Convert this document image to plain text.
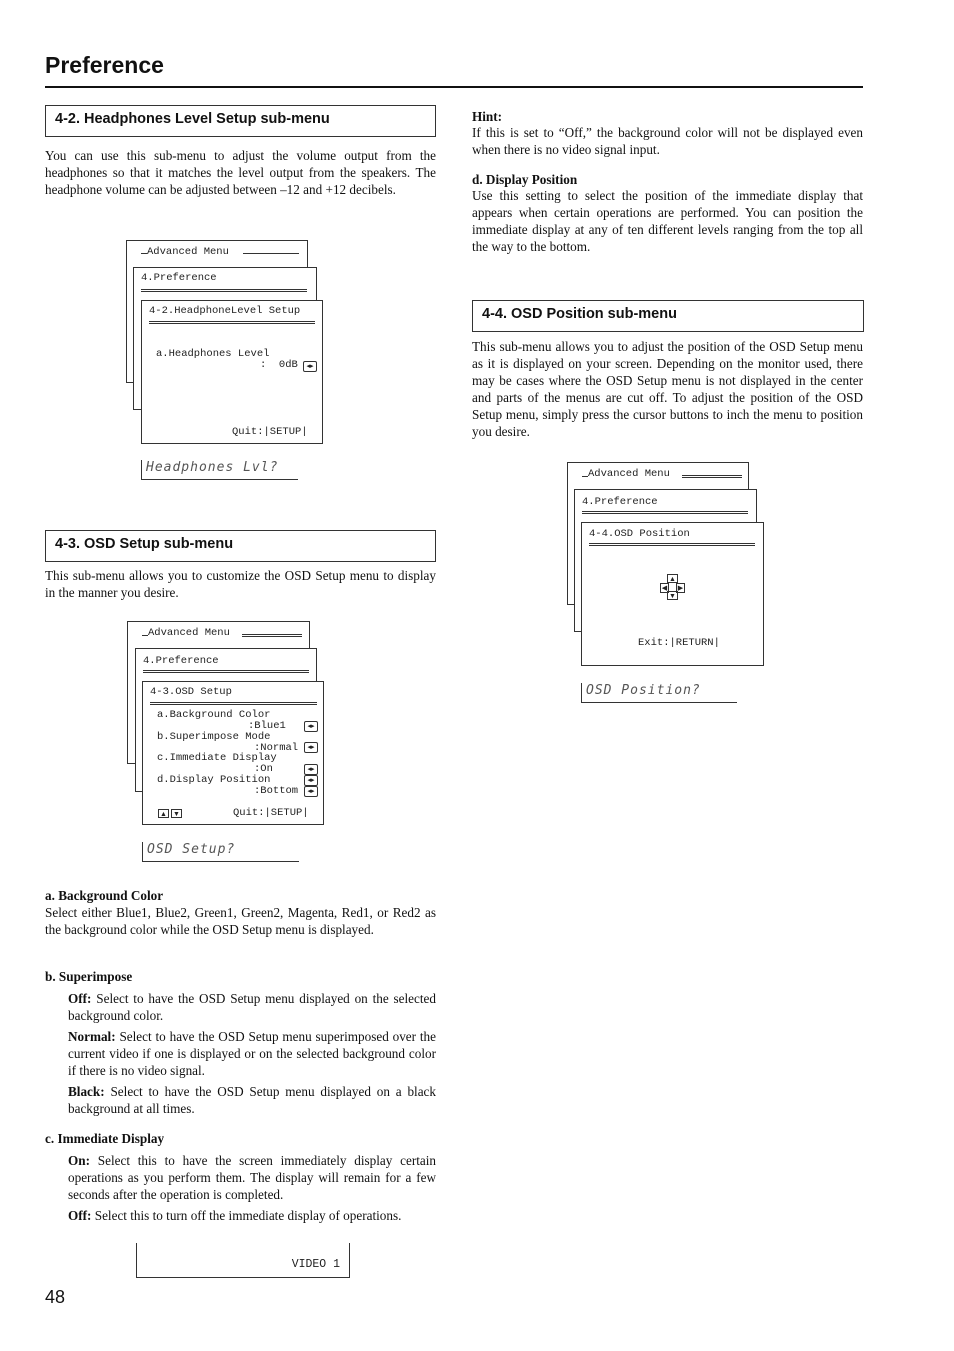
Preference
4-2. Headphones Level Setup sub-menu
You can use this sub-menu to adjust the volume output from the headphones so that it matches the level output from the speakers. The headphone volume can be adjusted between –12 and +12 decibels.
Advanced Menu
4.Preference
4-2.HeadphoneLevel Setup
a.Headphones Level
:  0dB	◂▸
Quit:|SETUP|
Headphones Lvl?
4-3. OSD Setup sub-menu
This sub-menu allows you to customize the OSD Setup menu to display in the manner you desire.
Advanced Menu
4.Preference
4-3.OSD Setup
a.Background Color
:Blue1	◂▸
b.Superimpose Mode
:Normal	◂▸
c.Immediate Display
:On	◂▸
d.Display Position	◂▸
:Bottom	◂▸
▲ ▼	Quit:|SETUP|
OSD Setup?
a. Background Color
Select either Blue1, Blue2, Green1, Green2, Magenta, Red1, or Red2 as the background color while the OSD Setup menu is displayed.
b. Superimpose
Off: Select to have the OSD Setup menu displayed on the selected background color.
Normal: Select to have the OSD Setup menu superimposed over the current video if one is displayed or on the selected background color if there is no video signal.
Black: Select to have the OSD Setup menu displayed on a black background at all times.
c. Immediate Display
On: Select this to have the screen immediately display certain operations as you perform them. The display will remain for a few seconds after the operation is completed.
Off: Select this to turn off the immediate display of operations.
VIDEO 1
Hint:
If this is set to “Off,” the background color will not be displayed even when there is no video signal input.
d. Display Position
Use this setting to select the position of the immediate display that appears when certain operations are performed. You can position the immediate display at any of ten different levels ranging from the top all the way to the bottom.
4-4. OSD Position sub-menu
This sub-menu allows you to adjust the position of the OSD Setup menu as it is displayed on your screen. Depending on the monitor used, there may be cases where the OSD Setup menu is not displayed in the center and parts of the menus are cut off. To adjust the position of the OSD Setup menu, simply press the cursor buttons to inch the menu to position you desire.
Advanced Menu
4.Preference
4-4.OSD Position
▲
◀ ▶
▼
Exit:|RETURN|
OSD Position?
48
